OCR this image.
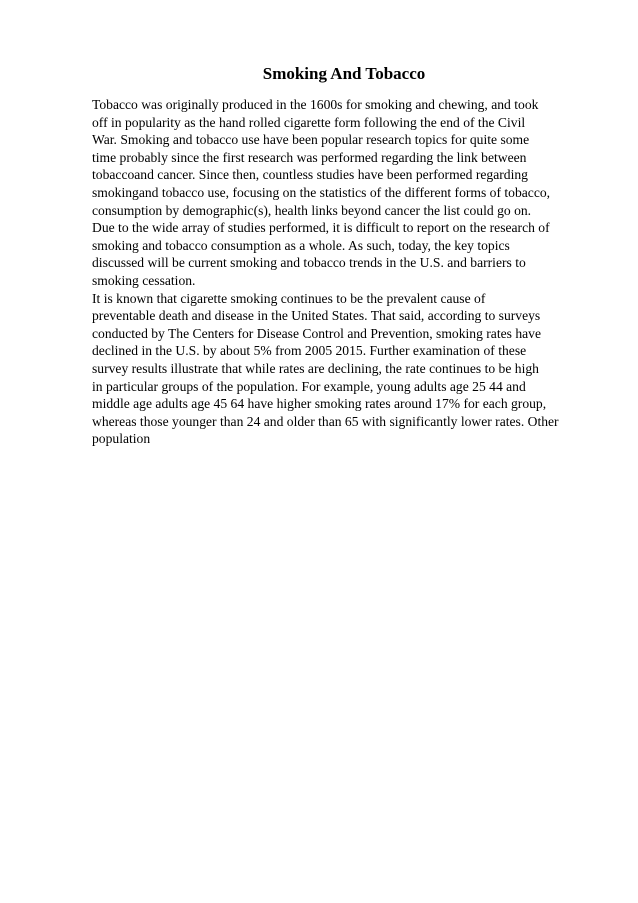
Smoking And Tobacco
Tobacco was originally produced in the 1600s for smoking and chewing, and took
off in popularity as the hand rolled cigarette form following the end of the Civil
War. Smoking and tobacco use have been popular research topics for quite some
time probably since the first research was performed regarding the link between
tobaccoand cancer. Since then, countless studies have been performed regarding
smokingand tobacco use, focusing on the statistics of the different forms of tobacco,
consumption by demographic(s), health links beyond cancer the list could go on.
Due to the wide array of studies performed, it is difficult to report on the research of
smoking and tobacco consumption as a whole. As such, today, the key topics
discussed will be current smoking and tobacco trends in the U.S. and barriers to
smoking cessation.
It is known that cigarette smoking continues to be the prevalent cause of
preventable death and disease in the United States. That said, according to surveys
conducted by The Centers for Disease Control and Prevention, smoking rates have
declined in the U.S. by about 5% from 2005 2015. Further examination of these
survey results illustrate that while rates are declining, the rate continues to be high
in particular groups of the population. For example, young adults age 25 44 and
middle age adults age 45 64 have higher smoking rates around 17% for each group,
whereas those younger than 24 and older than 65 with significantly lower rates. Other
population
